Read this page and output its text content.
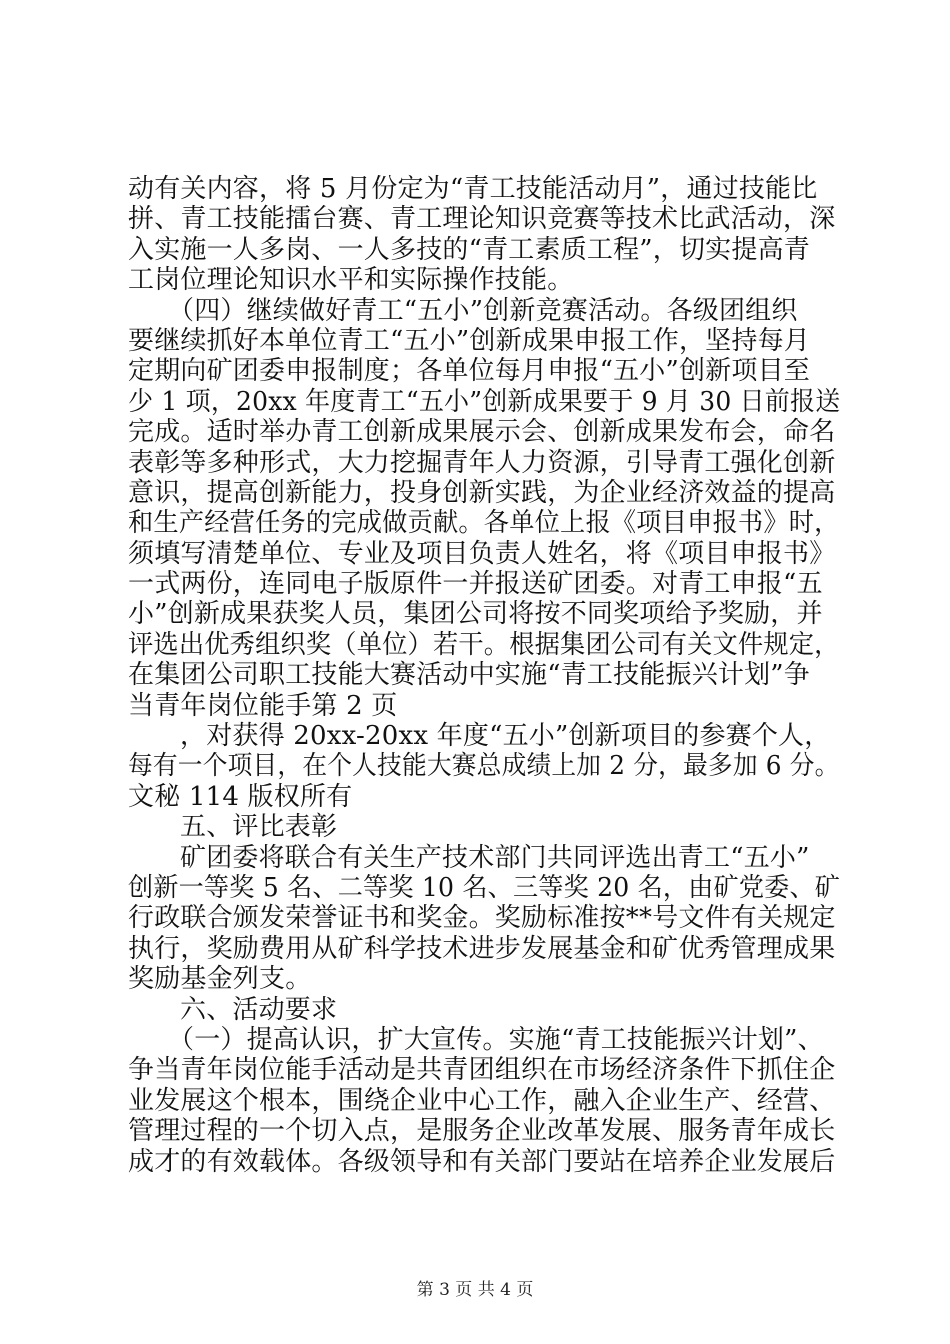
动有关内容，将 5 月份定为“青工技能活动月”，通过技能比
拼、青工技能擂台赛、青工理论知识竞赛等技术比武活动，深
入实施一人多岗、一人多技的“青工素质工程”，切实提高青
工岗位理论知识水平和实际操作技能。
（四）继续做好青工“五小”创新竞赛活动。各级团组织
要继续抓好本单位青工“五小”创新成果申报工作，坚持每月
定期向矿团委申报制度；各单位每月申报“五小”创新项目至
少 1 项，20xx 年度青工“五小”创新成果要于 9 月 30 日前报送
完成。适时举办青工创新成果展示会、创新成果发布会，命名
表彰等多种形式，大力挖掘青年人力资源，引导青工强化创新
意识，提高创新能力，投身创新实践，为企业经济效益的提高
和生产经营任务的完成做贡献。各单位上报《项目申报书》时，
须填写清楚单位、专业及项目负责人姓名，将《项目申报书》
一式两份，连同电子版原件一并报送矿团委。对青工申报“五
小”创新成果获奖人员，集团公司将按不同奖项给予奖励，并
评选出优秀组织奖（单位）若干。根据集团公司有关文件规定，
在集团公司职工技能大赛活动中实施“青工技能振兴计划”争
当青年岗位能手第 2 页
，对获得 20xx-20xx 年度“五小”创新项目的参赛个人，
每有一个项目，在个人技能大赛总成绩上加 2 分，最多加 6 分。
文秘 114 版权所有
五、评比表彰
矿团委将联合有关生产技术部门共同评选出青工“五小”
创新一等奖 5 名、二等奖 10 名、三等奖 20 名，由矿党委、矿
行政联合颁发荣誉证书和奖金。奖励标准按**号文件有关规定
执行，奖励费用从矿科学技术进步发展基金和矿优秀管理成果
奖励基金列支。
六、活动要求
（一）提高认识，扩大宣传。实施“青工技能振兴计划”、
争当青年岗位能手活动是共青团组织在市场经济条件下抓住企
业发展这个根本，围绕企业中心工作，融入企业生产、经营、
管理过程的一个切入点，是服务企业改革发展、服务青年成长
成才的有效载体。各级领导和有关部门要站在培养企业发展后
第 3 页 共 4 页
